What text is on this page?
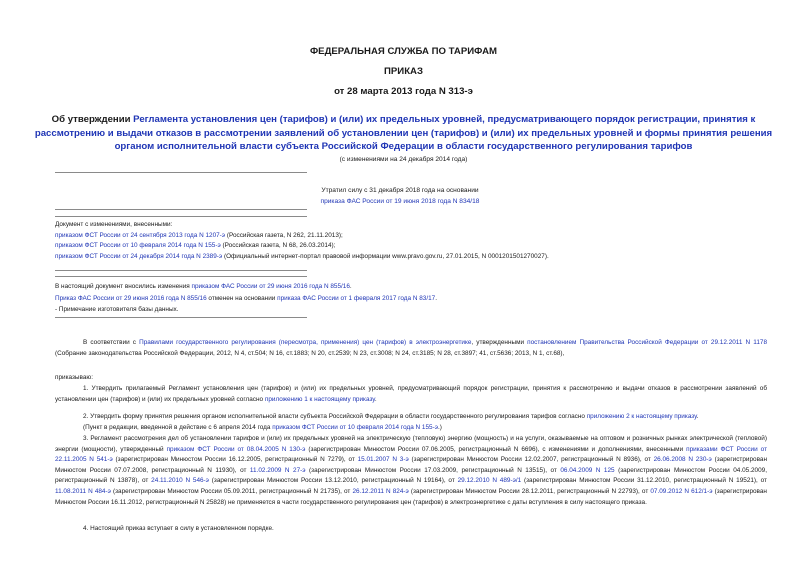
ФЕДЕРАЛЬНАЯ СЛУЖБА ПО ТАРИФАМ
ПРИКАЗ
от 28 марта 2013 года N 313-э
Об утверждении Регламента установления цен (тарифов) и (или) их предельных уровней, предусматривающего порядок регистрации, принятия к рассмотрению и выдачи отказов в рассмотрении заявлений об установлении цен (тарифов) и (или) их предельных уровней и формы принятия решения органом исполнительной власти субъекта Российской Федерации в области государственного регулирования тарифов
(с изменениями на 24 декабря 2014 года)
Утратил силу с 31 декабря 2018 года на основании
приказа ФАС России от 19 июня 2018 года N 834/18
Документ с изменениями, внесенными:
приказом ФСТ России от 24 сентября 2013 года N 1207-э (Российская газета, N 262, 21.11.2013);
приказом ФСТ России от 10 февраля 2014 года N 155-э (Российская газета, N 68, 26.03.2014);
приказом ФСТ России от 24 декабря 2014 года N 2389-э (Официальный интернет-портал правовой информации www.pravo.gov.ru, 27.01.2015, N 0001201501270027).
В настоящий документ вносились изменения приказом ФАС России от 29 июня 2016 года N 855/16.
Приказ ФАС России от 29 июня 2016 года N 855/16 отменен на основании приказа ФАС России от 1 февраля 2017 года N 83/17.
- Примечание изготовителя базы данных.
В соответствии с Правилами государственного регулирования (пересмотра, применения) цен (тарифов) в электроэнергетике, утвержденными постановлением Правительства Российской Федерации от 29.12.2011 N 1178 (Собрание законодательства Российской Федерации, 2012, N 4, ст.504; N 16, ст.1883; N 20, ст.2539; N 23, ст.3008; N 24, ст.3185; N 28, ст.3897; 41, ст.5636; 2013, N 1, ст.68),
приказываю:
1. Утвердить прилагаемый Регламент установления цен (тарифов) и (или) их предельных уровней, предусматривающий порядок регистрации, принятия к рассмотрению и выдачи отказов в рассмотрении заявлений об установлении цен (тарифов) и (или) их предельных уровней согласно приложению 1 к настоящему приказу.
2. Утвердить форму принятия решения органом исполнительной власти субъекта Российской Федерации в области государственного регулирования тарифов согласно приложению 2 к настоящему приказу.
(Пункт в редакции, введенной в действие с 6 апреля 2014 года приказом ФСТ России от 10 февраля 2014 года N 155-э.)
3. Регламент рассмотрения дел об установлении тарифов и (или) их предельных уровней на электрическую (тепловую) энергию (мощность) и на услуги, оказываемые на оптовом и розничных рынках электрической (тепловой) энергии (мощности), утвержденный приказом ФСТ России от 08.04.2005 N 130-э (зарегистрирован Минюстом России 07.06.2005, регистрационный N 6696), с изменениями и дополнениями, внесенными приказами ФСТ России от 22.11.2005 N 541-э (зарегистрирован Минюстом России 16.12.2005, регистрационный N 7279), от 15.01.2007 N 3-э (зарегистрирован Минюстом России 12.02.2007, регистрационный N 8936), от 26.06.2008 N 230-э (зарегистрирован Минюстом России 07.07.2008, регистрационный N 11930), от 11.02.2009 N 27-э (зарегистрирован Минюстом России 17.03.2009, регистрационный N 13515), от 06.04.2009 N 125 (зарегистрирован Минюстом России 04.05.2009, регистрационный N 13878), от 24.11.2010 N 546-э (зарегистрирован Минюстом России 13.12.2010, регистрационный N 19164), от 29.12.2010 N 489-э/1 (зарегистрирован Минюстом России 31.12.2010, регистрационный N 19521), от 11.08.2011 N 484-э (зарегистрирован Минюстом России 05.09.2011, регистрационный N 21735), от 26.12.2011 N 824-э (зарегистрирован Минюстом России 28.12.2011, регистрационный N 22793), от 07.09.2012 N 612/1-э (зарегистрирован Минюстом России 16.11.2012, регистрационный N 25828) не применяется в части государственного регулирования цен (тарифов) в электроэнергетике с даты вступления в силу настоящего приказа.
4. Настоящий приказ вступает в силу в установленном порядке.
